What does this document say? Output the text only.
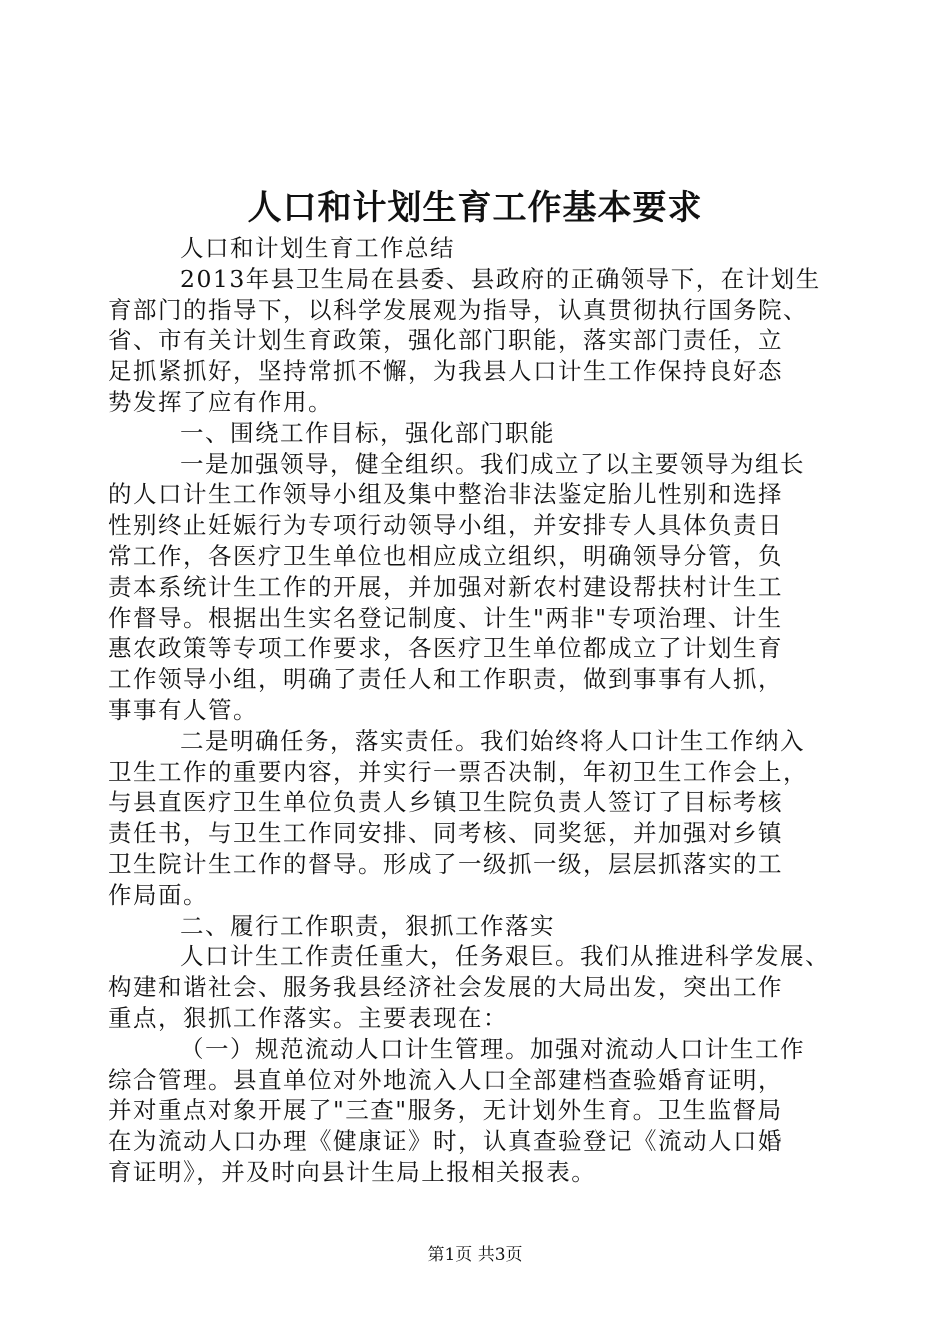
人口和计划生育工作基本要求
人口和计划生育工作总结
2013年县卫生局在县委、县政府的正确领导下，在计划生
育部门的指导下，以科学发展观为指导，认真贯彻执行国务院、
省、市有关计划生育政策，强化部门职能，落实部门责任，立
足抓紧抓好，坚持常抓不懈，为我县人口计生工作保持良好态
势发挥了应有作用。
一、围绕工作目标，强化部门职能
一是加强领导，健全组织。我们成立了以主要领导为组长
的人口计生工作领导小组及集中整治非法鉴定胎儿性别和选择
性别终止妊娠行为专项行动领导小组，并安排专人具体负责日
常工作，各医疗卫生单位也相应成立组织，明确领导分管，负
责本系统计生工作的开展，并加强对新农村建设帮扶村计生工
作督导。根据出生实名登记制度、计生"两非"专项治理、计生
惠农政策等专项工作要求，各医疗卫生单位都成立了计划生育
工作领导小组，明确了责任人和工作职责，做到事事有人抓，
事事有人管。
二是明确任务，落实责任。我们始终将人口计生工作纳入
卫生工作的重要内容，并实行一票否决制，年初卫生工作会上，
与县直医疗卫生单位负责人乡镇卫生院负责人签订了目标考核
责任书，与卫生工作同安排、同考核、同奖惩，并加强对乡镇
卫生院计生工作的督导。形成了一级抓一级，层层抓落实的工
作局面。
二、履行工作职责，狠抓工作落实
人口计生工作责任重大，任务艰巨。我们从推进科学发展、
构建和谐社会、服务我县经济社会发展的大局出发，突出工作
重点，狠抓工作落实。主要表现在：
（一）规范流动人口计生管理。加强对流动人口计生工作
综合管理。县直单位对外地流入人口全部建档查验婚育证明，
并对重点对象开展了"三查"服务，无计划外生育。卫生监督局
在为流动人口办理《健康证》时，认真查验登记《流动人口婚
育证明》，并及时向县计生局上报相关报表。
第1页 共3页
